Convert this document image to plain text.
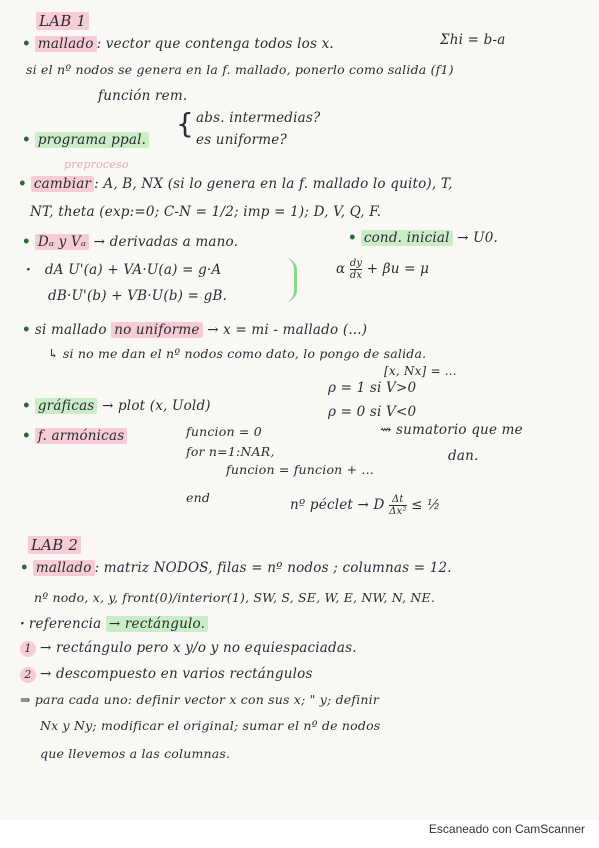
LAB 1
• mallado : vector que contenga todos los x.	Σhi = b-a
si el nº nodos se genera en la f. mallado, ponerlo como salida (f1)
función rem.
• programa ppal. { abs. intermedias?
es uniforme?
preproceso
• cambiar : A, B, NX (si lo genera en la f. mallado lo quito), T,
NT, theta (exp:=0; C-N = 1/2; imp = 1); D, V, Q, F.
• Dₐ y Vₐ → derivadas a mano.	• cond. inicial → U0.
· dA U'(a) + VA·U(a) = g·A
dB·U'(b) + VB·U(b) = gB.
α $\frac{dy}{dx} + \beta u = \mu$
• si mallado no uniforme → x = mi - mallado (...)
↳ si no me dan el nº nodos como dato, lo pongo de salida.
[x, Nx] = ...
ρ = 1 si V>0
• gráficas → plot (x, Uold)	ρ = 0 si V<0
• f. armónicas	funcion = 0
for n=1:NAR,
funcion = funcion + ...
end
⇝ sumatorio que me
dan.
nº péclet → D $\frac{\Delta t}{\text{Δx²}}$ ≤ ½
LAB 2
• mallado : matriz NODOS, filas = nº nodos ; columnas = 12.
nº nodo, x, y, front(0)/interior(1), SW, S, SE, W, E, NW, N, NE.
· referencia → rectángulo.
1 → rectángulo pero x y/o y no equiespaciadas.
2 → descompuesto en varios rectángulos
⇒ para cada uno: definir vector x con sus x; " y; definir
Nx y Ny; modificar el original; sumar el nº de nodos
que llevemos a las columnas.
Escaneado con CamScanner
